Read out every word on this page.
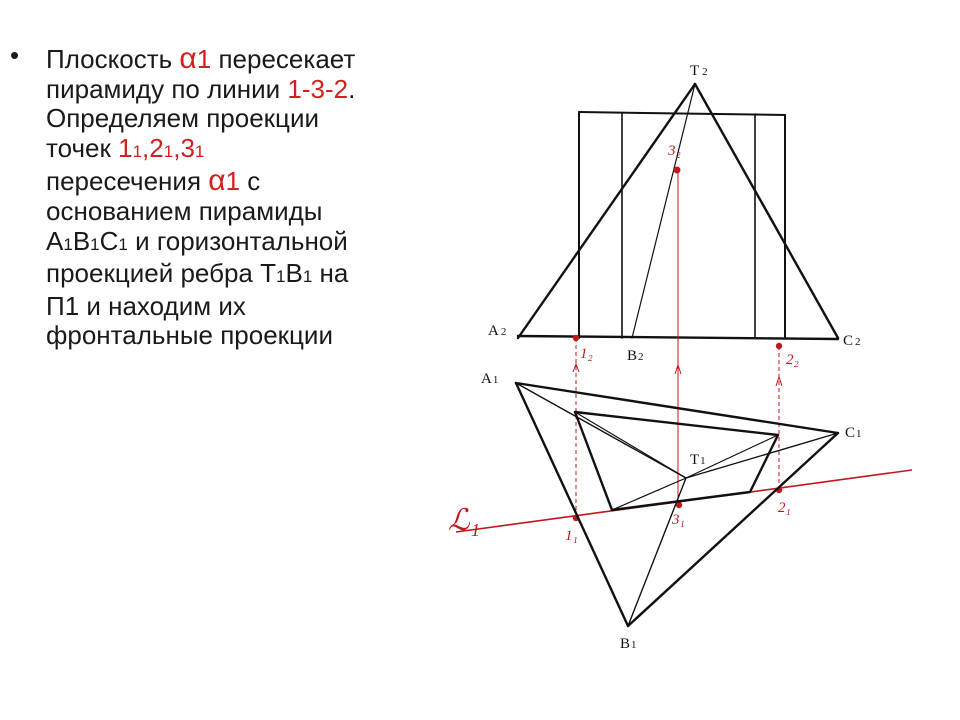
• Плоскость α1 пересекает пирамиду по линии 1-3-2. Определяем проекции точек 11,21,31 пересечения α1 с основанием пирамиды А1В1С1 и горизонтальной проекцией ребра Т1В1 на П1 и находим их фронтальные проекции
T 2
A 2
B2
C 2
A1
C1
T1
B1
1₂
3₂
2₂
1₁
3₁
2₁
ℒ₁
